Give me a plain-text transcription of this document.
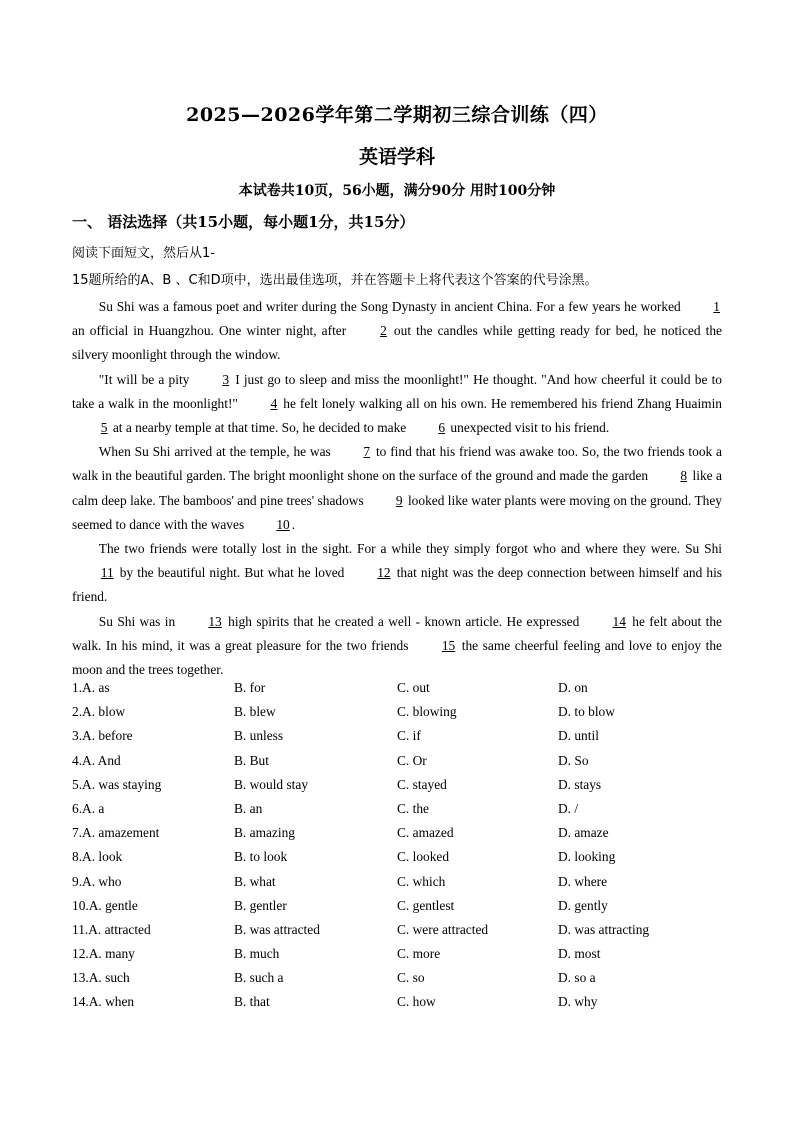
2025—2026学年第二学期初三综合训练（四）
英语学科
本试卷共10页，56小题，满分90分 用时100分钟
一、 语法选择（共15小题，每小题1分，共15分）
阅读下面短文，然后从1-
15题所给的A、B 、C和D项中，选出最佳选项，并在答题卡上将代表这个答案的代号涂黑。

Su Shi was a famous poet and writer during the Song Dynasty in ancient China. For a few years he worked 1 an official in Huangzhou. One winter night, after 2 out the candles while getting ready for bed, he noticed the silvery moonlight through the window.

"It will be a pity 3 I just go to sleep and miss the moonlight!" He thought. "And how cheerful it could be to take a walk in the moonlight!" 4 he felt lonely walking all on his own. He remembered his friend Zhang Huaimin 5 at a nearby temple at that time. So, he decided to make 6 unexpected visit to his friend.

When Su Shi arrived at the temple, he was 7 to find that his friend was awake too. So, the two friends took a walk in the beautiful garden. The bright moonlight shone on the surface of the ground and made the garden 8 like a calm deep lake. The bamboos' and pine trees' shadows 9 looked like water plants were moving on the ground. They seemed to dance with the waves 10 .

The two friends were totally lost in the sight. For a while they simply forgot who and where they were. Su Shi 11 by the beautiful night. But what he loved 12 that night was the deep connection between himself and his friend.

Su Shi was in 13 high spirits that he created a well - known article. He expressed 14 he felt about the walk. In his mind, it was a great pleasure for the two friends 15 the same cheerful feeling and love to enjoy the moon and the trees together.

1.A. as	B. for	C. out	D. on
2.A. blow	B. blew	C. blowing	D. to blow
3.A. before	B. unless	C. if	D. until
4.A. And	B. But	C. Or	D. So
5.A. was staying	B. would stay	C. stayed	D. stays
6.A. a	B. an	C. the	D. /
7.A. amazement	B. amazing	C. amazed	D. amaze
8.A. look	B. to look	C. looked	D. looking
9.A. who	B. what	C. which	D. where
10.A. gentle	B. gentler	C. gentlest	D. gently
11.A. attracted	B. was attracted	C. were attracted	D. was attracting
12.A. many	B. much	C. more	D. most
13.A. such	B. such a	C. so	D. so a
14.A. when	B. that	C. how	D. why
